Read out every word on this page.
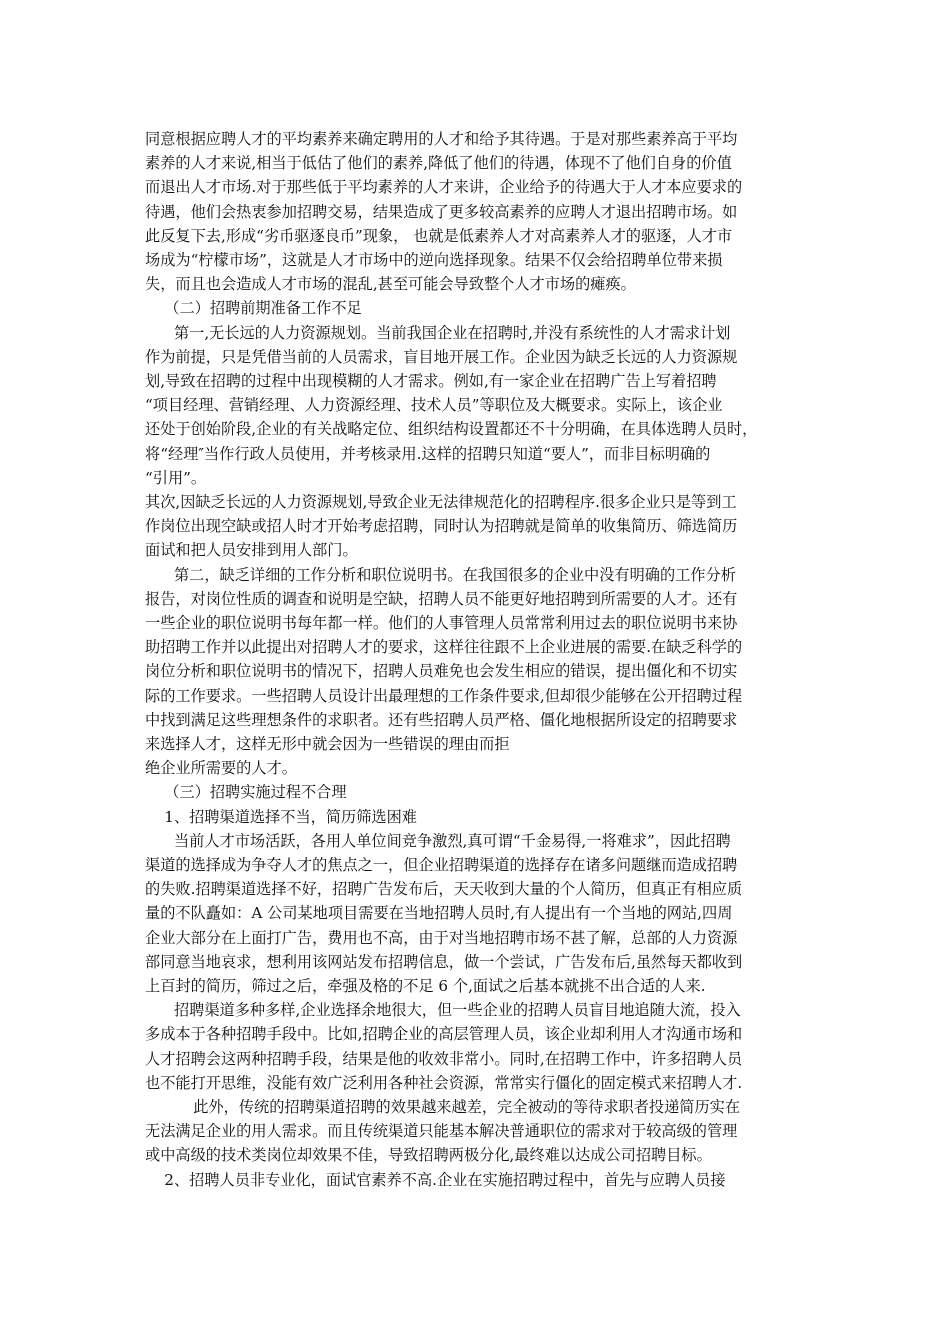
同意根据应聘人才的平均素养来确定聘用的人才和给予其待遇。于是对那些素养高于平均
素养的人才来说,相当于低估了他们的素养,降低了他们的待遇，体现不了他们自身的价值
而退出人才市场.对于那些低于平均素养的人才来讲，企业给予的待遇大于人才本应要求的
待遇，他们会热衷参加招聘交易，结果造成了更多较高素养的应聘人才退出招聘市场。如
此反复下去,形成“劣币驱逐良币”现象， 也就是低素养人才对高素养人才的驱逐，人才市
场成为“柠檬市场”，这就是人才市场中的逆向选择现象。结果不仅会给招聘单位带来损
失，而且也会造成人才市场的混乱,甚至可能会导致整个人才市场的瘫痪。
（二）招聘前期准备工作不足
第一,无长远的人力资源规划。当前我国企业在招聘时,并没有系统性的人才需求计划
作为前提，只是凭借当前的人员需求，盲目地开展工作。企业因为缺乏长远的人力资源规
划,导致在招聘的过程中出现模糊的人才需求。例如,有一家企业在招聘广告上写着招聘
“项目经理、营销经理、人力资源经理、技术人员”等职位及大概要求。实际上，该企业
还处于创始阶段,企业的有关战略定位、组织结构设置都还不十分明确，在具体选聘人员时，
将“经理″当作行政人员使用，并考核录用.这样的招聘只知道“要人”，而非目标明确的
“引用”。
其次,因缺乏长远的人力资源规划,导致企业无法律规范化的招聘程序.很多企业只是等到工
作岗位出现空缺或招人时才开始考虑招聘，同时认为招聘就是简单的收集简历、筛选简历
面试和把人员安排到用人部门。
第二，缺乏详细的工作分析和职位说明书。在我国很多的企业中没有明确的工作分析
报告，对岗位性质的调查和说明是空缺，招聘人员不能更好地招聘到所需要的人才。还有
一些企业的职位说明书每年都一样。他们的人事管理人员常常利用过去的职位说明书来协
助招聘工作并以此提出对招聘人才的要求，这样往往跟不上企业进展的需要.在缺乏科学的
岗位分析和职位说明书的情况下，招聘人员难免也会发生相应的错误，提出僵化和不切实
际的工作要求。一些招聘人员设计出最理想的工作条件要求,但却很少能够在公开招聘过程
中找到满足这些理想条件的求职者。还有些招聘人员严格、僵化地根据所设定的招聘要求
来选择人才，这样无形中就会因为一些错误的理由而拒
绝企业所需要的人才。
（三）招聘实施过程不合理
1、招聘渠道选择不当，简历筛选困难
当前人才市场活跃，各用人单位间竞争激烈,真可谓“千金易得,一将难求”，因此招聘
渠道的选择成为争夺人才的焦点之一，但企业招聘渠道的选择存在诸多问题继而造成招聘
的失败.招聘渠道选择不好，招聘广告发布后，天天收到大量的个人简历，但真正有相应质
量的不队矗如：A 公司某地项目需要在当地招聘人员时,有人提出有一个当地的网站,四周
企业大部分在上面打广告，费用也不高，由于对当地招聘市场不甚了解，总部的人力资源
部同意当地哀求，想利用该网站发布招聘信息，做一个尝试，广告发布后,虽然每天都收到
上百封的简历，筛过之后，牵强及格的不足 6 个,面试之后基本就挑不出合适的人来.
招聘渠道多种多样,企业选择余地很大，但一些企业的招聘人员盲目地追随大流，投入
多成本于各种招聘手段中。比如,招聘企业的高层管理人员，该企业却利用人才沟通市场和
人才招聘会这两种招聘手段，结果是他的收效非常小。同时,在招聘工作中，许多招聘人员
也不能打开思维，没能有效广泛利用各种社会资源，常常实行僵化的固定模式来招聘人才.
此外，传统的招聘渠道招聘的效果越来越差，完全被动的等待求职者投递简历实在
无法满足企业的用人需求。而且传统渠道只能基本解决普通职位的需求对于较高级的管理
或中高级的技术类岗位却效果不佳，导致招聘两极分化,最终难以达成公司招聘目标。
2、招聘人员非专业化，面试官素养不高.企业在实施招聘过程中，首先与应聘人员接
